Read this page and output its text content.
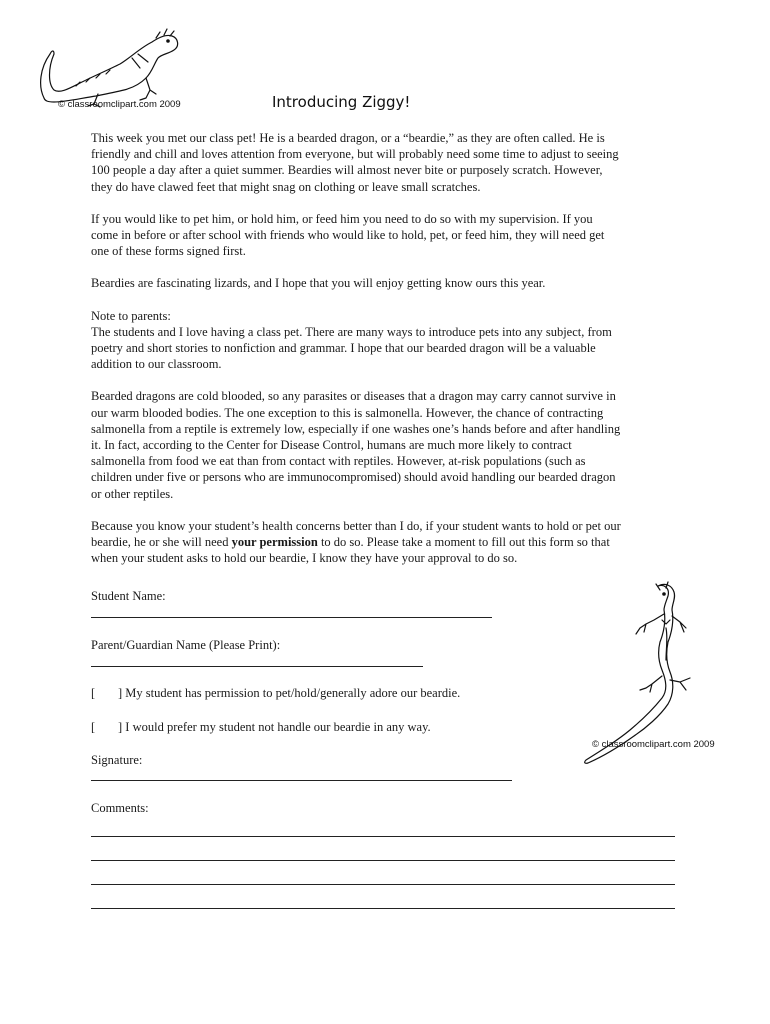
© classroomclipart.com 2009	Introducing Ziggy!

This week you met our class pet! He is a bearded dragon, or a “beardie,” as they are often called. He is
friendly and chill and loves attention from everyone, but will probably need some time to adjust to seeing
100 people a day after a quiet summer. Beardies will almost never bite or purposely scratch. However,
they do have clawed feet that might snag on clothing or leave small scratches.

If you would like to pet him, or hold him, or feed him you need to do so with my supervision. If you
come in before or after school with friends who would like to hold, pet, or feed him, they will need get
one of these forms signed first.

Beardies are fascinating lizards, and I hope that you will enjoy getting know ours this year.

Note to parents:
The students and I love having a class pet. There are many ways to introduce pets into any subject, from
poetry and short stories to nonfiction and grammar. I hope that our bearded dragon will be a valuable
addition to our classroom.

Bearded dragons are cold blooded, so any parasites or diseases that a dragon may carry cannot survive in
our warm blooded bodies. The one exception to this is salmonella. However, the chance of contracting
salmonella from a reptile is extremely low, especially if one washes one’s hands before and after handling
it. In fact, according to the Center for Disease Control, humans are much more likely to contract
salmonella from food we eat than from contact with reptiles. However, at-risk populations (such as
children under five or persons who are immunocompromised) should avoid handling our bearded dragon
or other reptiles.

Because you know your student’s health concerns better than I do, if your student wants to hold or pet our
beardie, he or she will need your permission to do so. Please take a moment to fill out this form so that
when your student asks to hold our beardie, I know they have your approval to do so.

Student Name:
Parent/Guardian Name (Please Print):
[ ] My student has permission to pet/hold/generally adore our beardie.
[ ] I would prefer my student not handle our beardie in any way.
Signature:
Comments:
© classroomclipart.com 2009
